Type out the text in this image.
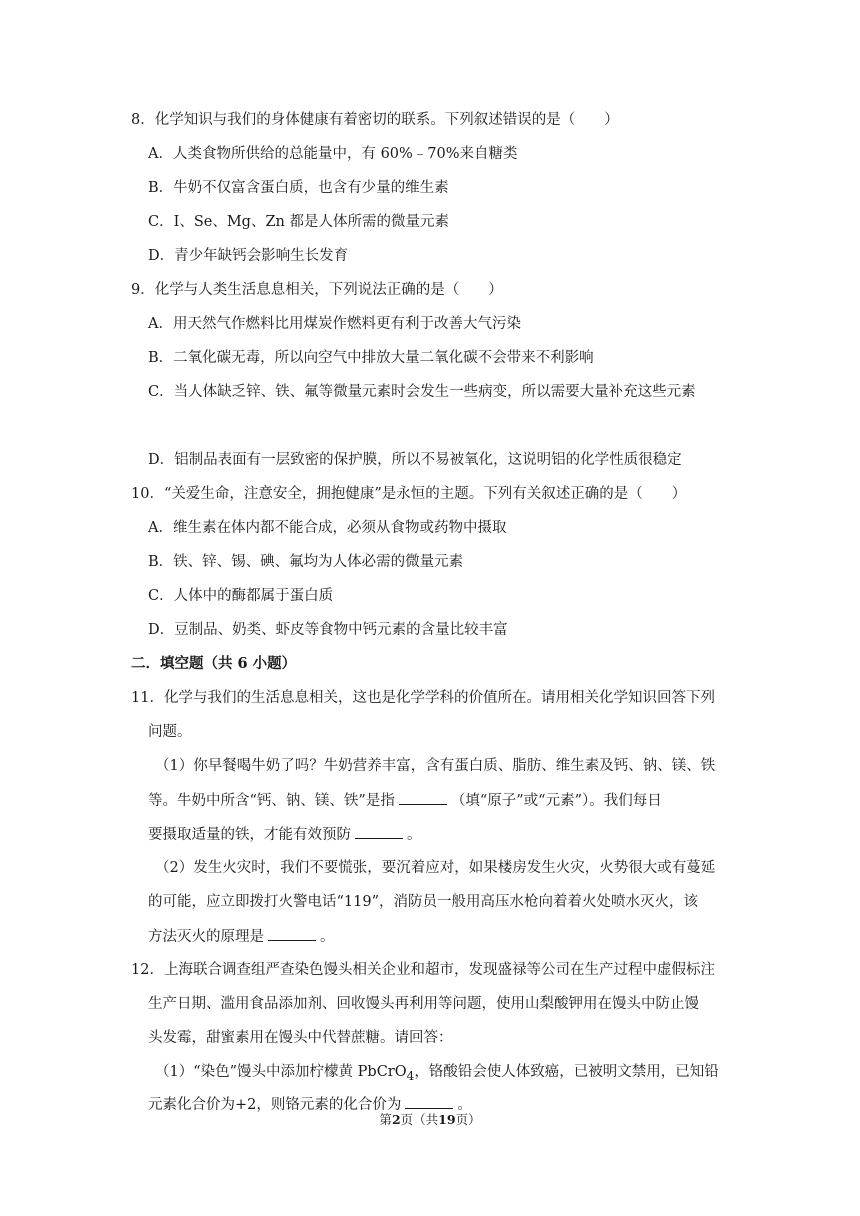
8．化学知识与我们的身体健康有着密切的联系。下列叙述错误的是（　　）
A．人类食物所供给的总能量中，有 60%﹣70%来自糖类
B．牛奶不仅富含蛋白质，也含有少量的维生素
C．I、Se、Mg、Zn 都是人体所需的微量元素
D．青少年缺钙会影响生长发育
9．化学与人类生活息息相关，下列说法正确的是（　　）
A．用天然气作燃料比用煤炭作燃料更有利于改善大气污染
B．二氧化碳无毒，所以向空气中排放大量二氧化碳不会带来不利影响
C．当人体缺乏锌、铁、氟等微量元素时会发生一些病变，所以需要大量补充这些元素
D．铝制品表面有一层致密的保护膜，所以不易被氧化，这说明铝的化学性质很稳定
10．“关爱生命，注意安全，拥抱健康”是永恒的主题。下列有关叙述正确的是（　　）
A．维生素在体内都不能合成，必须从食物或药物中摄取
B．铁、锌、锡、碘、氟均为人体必需的微量元素
C．人体中的酶都属于蛋白质
D．豆制品、奶类、虾皮等食物中钙元素的含量比较丰富
二．填空题（共 6 小题）
11．化学与我们的生活息息相关，这也是化学学科的价值所在。请用相关化学知识回答下列
问题。
（1）你早餐喝牛奶了吗？牛奶营养丰富，含有蛋白质、脂肪、维生素及钙、钠、镁、铁
等。牛奶中所含“钙、钠、镁、铁”是指	（填“原子”或“元素”）。我们每日
要摄取适量的铁，才能有效预防	。
（2）发生火灾时，我们不要慌张，要沉着应对，如果楼房发生火灾，火势很大或有蔓延
的可能，应立即拨打火警电话“119”，消防员一般用高压水枪向着着火处喷水灭火，该
方法灭火的原理是	。
12．上海联合调查组严查染色馒头相关企业和超市，发现盛禄等公司在生产过程中虚假标注
生产日期、滥用食品添加剂、回收馒头再利用等问题，使用山梨酸钾用在馒头中防止馒
头发霉，甜蜜素用在馒头中代替蔗糖。请回答：
（1）“染色”馒头中添加柠檬黄 PbCrO$_4$，铬酸铅会使人体致癌，已被明文禁用，已知铅
元素化合价为+2，则铬元素的化合价为	。
第2页（共19页）
